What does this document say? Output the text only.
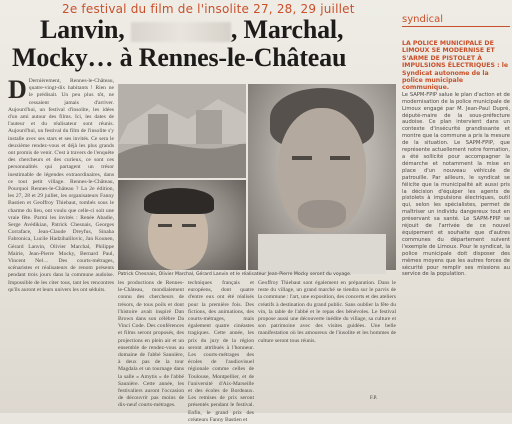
2e festival du film de l'insolite 27, 28, 29 juillet
syndical
Lanvin,	, Marchal,
Mocky… à Rennes-le-Château
D Dernièrement, Rennes-le-Château, quatre-vingt-dix habitants ! Rien ne le prédisait. Un peu plus tôt, ne cessaient jamais d'arriver. Aujourd'hui, un festival d'insolite, les idées d'un ami autour des films. Ici, les dates de l'auteur et du réalisateur sont réunis. Aujourd'hui, un festival du film de l'insolite s'y installe avec ses stars et ses invités. Ce sera le deuxième rendez-vous et déjà les plus grands ont promis de venir. C'est à travers de l'enquête des chercheurs et des curieux, ce sont ces personnalités qui partagent un trésor inestimable de légendes extraordinaires, dans ce tout petit village. Rennes-le-Château, Pourquoi Rennes-le-Château ? La 2e édition, les 27, 28 et 29 juillet, les organisateurs Fanny Bastien et Geoffroy Thiebaut, tombés sous le charme du lieu, ont voulu que celle-ci soit une vraie fête. Parmi les invités : Renée Abadie, Serge Avédikian, Patrick Chesnais, Georges Corraface, Jean-Claude Dreyfus, Sinaha Fabronica, Lucile Hadzihalilovic, Jan Kounen, Gérard Lanvin, Olivier Marchal, Philippe Mairie, Jean-Pierre Mocky, Bernard Paul, Vincent Nel… Des courts-métrages, scénaristes et réalisateurs de renom présents pendant trois jours dans la commune audoise. Impossible de les citer tous, tant les rencontres qu'ils auront et leurs univers les ont séduits.

Patrick Chesnais, Olivier Marchal, Gérard Lanvin et le réalisateur Jean-Pierre Mocky seront du voyage.

les productions de Rennes-le-Château, mondialement connu des chercheurs de trésors, de tous poils et dont l'histoire avait inspiré Dan Brown dans son célèbre Da Vinci Code. Des conférences et films seront proposés, des projections en plein air et un ensemble de rendez-vous au domaine de l'abbé Saunière, à deux pas de la tour Magdala et un tournage dans la salle « Amytis » de l'abbé Saunière. Cette année, les festivaliers auront l'occasion de découvrir pas moins de dix-neuf courts-métrages.

techniques français et européens, dont quatre d'entre eux ont été réalisés pour la première fois. Des fictions, des animations, des courts-métrages, mais également quatre cinéastes tragiques. Cette année, les prix du jury de la région seront attribués à l'honneur. Les courts-métrages des écoles de l'audiovisuel régionale comme celles de Toulouse, Montpellier, et de l'université d'Aix-Marseille et des écoles de Bordeaux. Les remises de prix seront présentés pendant le festival. Enfin, le grand prix des créateurs Fanny Bastien et

Geoffroy Thiebaut sont également en préparation. Dans le reste du village, un grand marché se tiendra sur le parvis de la commune : l'art, une exposition, des concerts et des ateliers créatifs à destination du grand public. Sans oublier la fête du vin, la table de l'abbé et le repas des bénévoles. Le festival propose aussi une découverte inédite du village, sa culture et son patrimoine avec des visites guidées. Une belle manifestation où les amoureux de l'insolite et les hommes de culture seront tous réunis.

F.P.

LA POLICE MUNICIPALE DE LIMOUX SE MODERNISE ET S'ARME DE PISTOLET À IMPULSIONS ÉLECTRIQUES : le Syndicat autonome de la police municipale communique.

Le SAPM-FPIP salue le plan d'action et de modernisation de la police municipale de Limoux engagé par M. Jean-Paul Dupré, député-maire de la sous-préfecture audoise. Ce plan intervient dans un contexte d'insécurité grandissante et montre que la commune a pris la mesure de la situation. Le SAPM-FPIP, que représente actuellement notre formation, a été sollicité pour accompagner la démarche et notamment la mise en place d'un nouveau véhicule de patrouille. Par ailleurs, le syndicat se félicite que la municipalité ait aussi pris la décision d'équiper les agents de pistolets à impulsions électriques, outil qui, selon les spécialistes, permet de maîtriser un individu dangereux tout en préservant sa santé. Le SAPM-FPIP se réjouit de l'arrivée de ce nouvel équipement et souhaite que d'autres communes du département suivent l'exemple de Limoux. Pour le syndicat, la police municipale doit disposer des mêmes moyens que les autres forces de sécurité pour remplir ses missions au service de la population.
